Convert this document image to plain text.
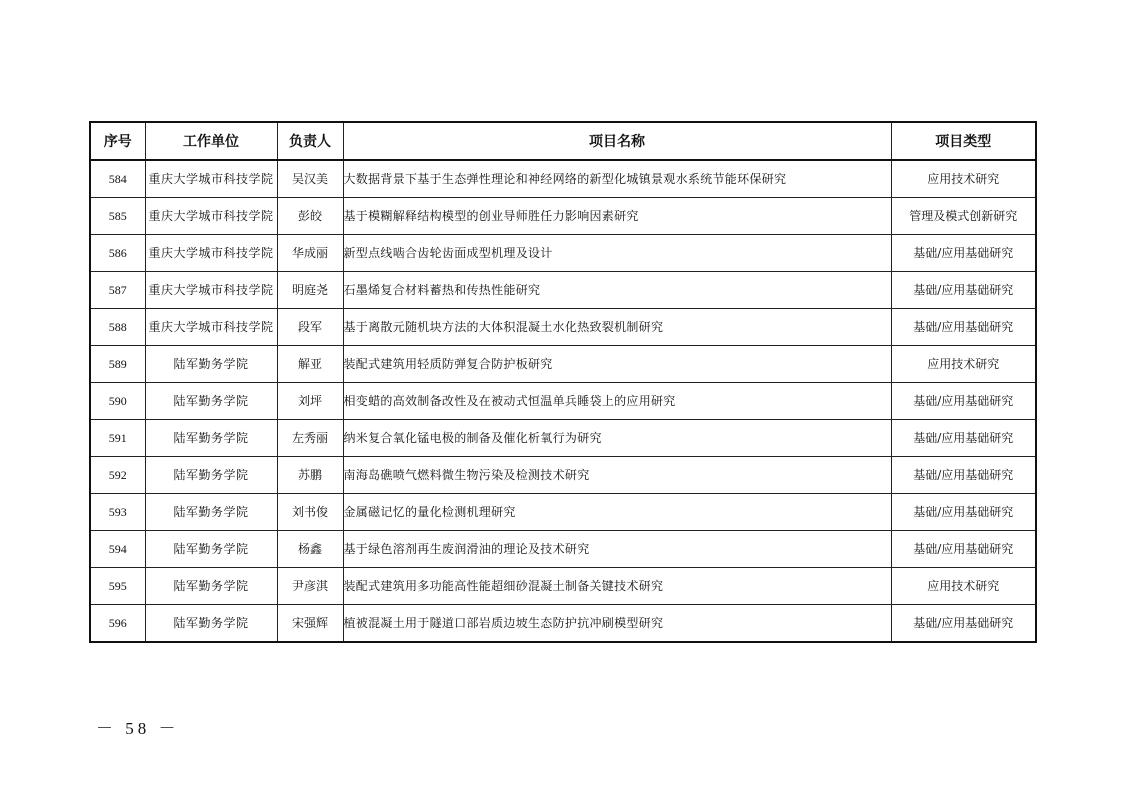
序号	工作单位	负责人	项目名称	项目类型
584	重庆大学城市科技学院	吴汉美	大数据背景下基于生态弹性理论和神经网络的新型化城镇景观水系统节能环保研究	应用技术研究
585	重庆大学城市科技学院	彭皎	基于模糊解释结构模型的创业导师胜任力影响因素研究	管理及模式创新研究
586	重庆大学城市科技学院	华成丽	新型点线啮合齿轮齿面成型机理及设计	基础/应用基础研究
587	重庆大学城市科技学院	明庭尧	石墨烯复合材料蓄热和传热性能研究	基础/应用基础研究
588	重庆大学城市科技学院	段军	基于离散元随机块方法的大体积混凝土水化热致裂机制研究	基础/应用基础研究
589	陆军勤务学院	解亚	装配式建筑用轻质防弹复合防护板研究	应用技术研究
590	陆军勤务学院	刘坪	相变蜡的高效制备改性及在被动式恒温单兵睡袋上的应用研究	基础/应用基础研究
591	陆军勤务学院	左秀丽	纳米复合氧化锰电极的制备及催化析氧行为研究	基础/应用基础研究
592	陆军勤务学院	苏鹏	南海岛礁喷气燃料微生物污染及检测技术研究	基础/应用基础研究
593	陆军勤务学院	刘书俊	金属磁记忆的量化检测机理研究	基础/应用基础研究
594	陆军勤务学院	杨鑫	基于绿色溶剂再生废润滑油的理论及技术研究	基础/应用基础研究
595	陆军勤务学院	尹彦淇	装配式建筑用多功能高性能超细砂混凝土制备关键技术研究	应用技术研究
596	陆军勤务学院	宋强辉	植被混凝土用于隧道口部岩质边坡生态防护抗冲刷模型研究	基础/应用基础研究
－ 58 －
